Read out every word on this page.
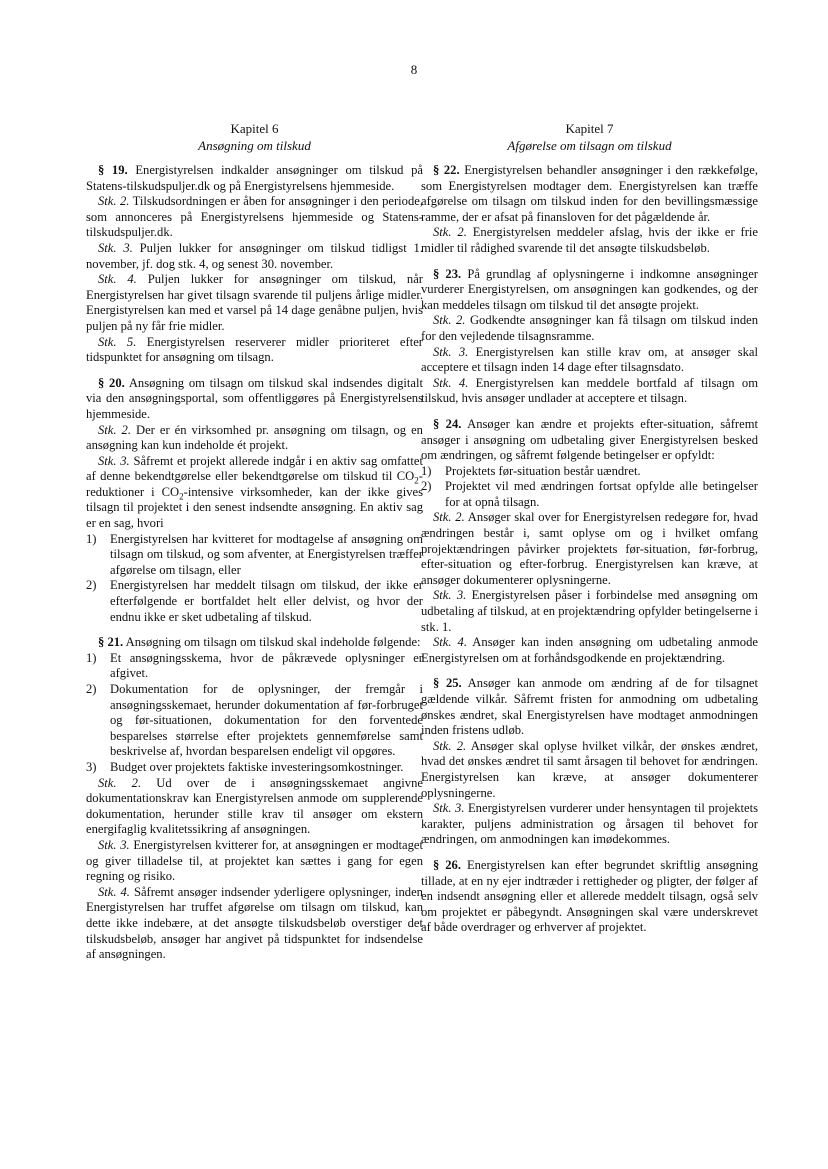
8

Kapitel 6

Ansøgning om tilskud

§ 19. Energistyrelsen indkalder ansøgninger om tilskud på Statens-tilskudspuljer.dk og på Energistyrelsens hjemmeside.

Stk. 2. Tilskudsordningen er åben for ansøgninger i den periode, som annonceres på Energistyrelsens hjemmeside og Statens-tilskudspuljer.dk.

Stk. 3. Puljen lukker for ansøgninger om tilskud tidligst 1. november, jf. dog stk. 4, og senest 30. november.

Stk. 4. Puljen lukker for ansøgninger om tilskud, når Energistyrelsen har givet tilsagn svarende til puljens årlige midler. Energistyrelsen kan med et varsel på 14 dage genåbne puljen, hvis puljen på ny får frie midler.

Stk. 5. Energistyrelsen reserverer midler prioriteret efter tidspunktet for ansøgning om tilsagn.

§ 20. Ansøgning om tilsagn om tilskud skal indsendes digitalt via den ansøgningsportal, som offentliggøres på Energistyrelsens hjemmeside.

Stk. 2. Der er én virksomhed pr. ansøgning om tilsagn, og en ansøgning kan kun indeholde ét projekt.

Stk. 3. Såfremt et projekt allerede indgår i en aktiv sag omfattet af denne bekendtgørelse eller bekendtgørelse om tilskud til $CO_2$-reduktioner i $CO_2$-intensive virksomheder, kan der ikke gives tilsagn til projektet i den senest indsendte ansøgning. En aktiv sag er en sag, hvori

1) Energistyrelsen har kvitteret for modtagelse af ansøgning om tilsagn om tilskud, og som afventer, at Energistyrelsen træffer afgørelse om tilsagn, eller
2) Energistyrelsen har meddelt tilsagn om tilskud, der ikke er efterfølgende er bortfaldet helt eller delvist, og hvor der endnu ikke er sket udbetaling af tilskud.

§ 21. Ansøgning om tilsagn om tilskud skal indeholde følgende:

1) Et ansøgningsskema, hvor de påkrævede oplysninger er afgivet.
2) Dokumentation for de oplysninger, der fremgår i ansøgningsskemaet, herunder dokumentation af før-forbruget og før-situationen, dokumentation for den forventede besparelses størrelse efter projektets gennemførelse samt beskrivelse af, hvordan besparelsen endeligt vil opgøres.
3) Budget over projektets faktiske investeringsomkostninger.

Stk. 2. Ud over de i ansøgningsskemaet angivne dokumentationskrav kan Energistyrelsen anmode om supplerende dokumentation, herunder stille krav til ansøger om ekstern energifaglig kvalitetssikring af ansøgningen.

Stk. 3. Energistyrelsen kvitterer for, at ansøgningen er modtaget og giver tilladelse til, at projektet kan sættes i gang for egen regning og risiko.

Stk. 4. Såfremt ansøger indsender yderligere oplysninger, inden Energistyrelsen har truffet afgørelse om tilsagn om tilskud, kan dette ikke indebære, at det ansøgte tilskudsbeløb overstiger det tilskudsbeløb, ansøger har angivet på tidspunktet for indsendelse af ansøgningen.

Kapitel 7

Afgørelse om tilsagn om tilskud

§ 22. Energistyrelsen behandler ansøgninger i den rækkefølge, som Energistyrelsen modtager dem. Energistyrelsen kan træffe afgørelse om tilsagn om tilskud inden for den bevillingsmæssige ramme, der er afsat på finansloven for det pågældende år.

Stk. 2. Energistyrelsen meddeler afslag, hvis der ikke er frie midler til rådighed svarende til det ansøgte tilskudsbeløb.

§ 23. På grundlag af oplysningerne i indkomne ansøgninger vurderer Energistyrelsen, om ansøgningen kan godkendes, og der kan meddeles tilsagn om tilskud til det ansøgte projekt.

Stk. 2. Godkendte ansøgninger kan få tilsagn om tilskud inden for den vejledende tilsagnsramme.

Stk. 3. Energistyrelsen kan stille krav om, at ansøger skal acceptere et tilsagn inden 14 dage efter tilsagnsdato.

Stk. 4. Energistyrelsen kan meddele bortfald af tilsagn om tilskud, hvis ansøger undlader at acceptere et tilsagn.

§ 24. Ansøger kan ændre et projekts efter-situation, såfremt ansøger i ansøgning om udbetaling giver Energistyrelsen besked om ændringen, og såfremt følgende betingelser er opfyldt:

1) Projektets før-situation består uændret.
2) Projektet vil med ændringen fortsat opfylde alle betingelser for at opnå tilsagn.

Stk. 2. Ansøger skal over for Energistyrelsen redegøre for, hvad ændringen består i, samt oplyse om og i hvilket omfang projektændringen påvirker projektets før-situation, før-forbrug, efter-situation og efter-forbrug. Energistyrelsen kan kræve, at ansøger dokumenterer oplysningerne.

Stk. 3. Energistyrelsen påser i forbindelse med ansøgning om udbetaling af tilskud, at en projektændring opfylder betingelserne i stk. 1.

Stk. 4. Ansøger kan inden ansøgning om udbetaling anmode Energistyrelsen om at forhåndsgodkende en projektændring.

§ 25. Ansøger kan anmode om ændring af de for tilsagnet gældende vilkår. Såfremt fristen for anmodning om udbetaling ønskes ændret, skal Energistyrelsen have modtaget anmodningen inden fristens udløb.

Stk. 2. Ansøger skal oplyse hvilket vilkår, der ønskes ændret, hvad det ønskes ændret til samt årsagen til behovet for ændringen. Energistyrelsen kan kræve, at ansøger dokumenterer oplysningerne.

Stk. 3. Energistyrelsen vurderer under hensyntagen til projektets karakter, puljens administration og årsagen til behovet for ændringen, om anmodningen kan imødekommes.

§ 26. Energistyrelsen kan efter begrundet skriftlig ansøgning tillade, at en ny ejer indtræder i rettigheder og pligter, der følger af en indsendt ansøgning eller et allerede meddelt tilsagn, også selv om projektet er påbegyndt. Ansøgningen skal være underskrevet af både overdrager og erhverver af projektet.
